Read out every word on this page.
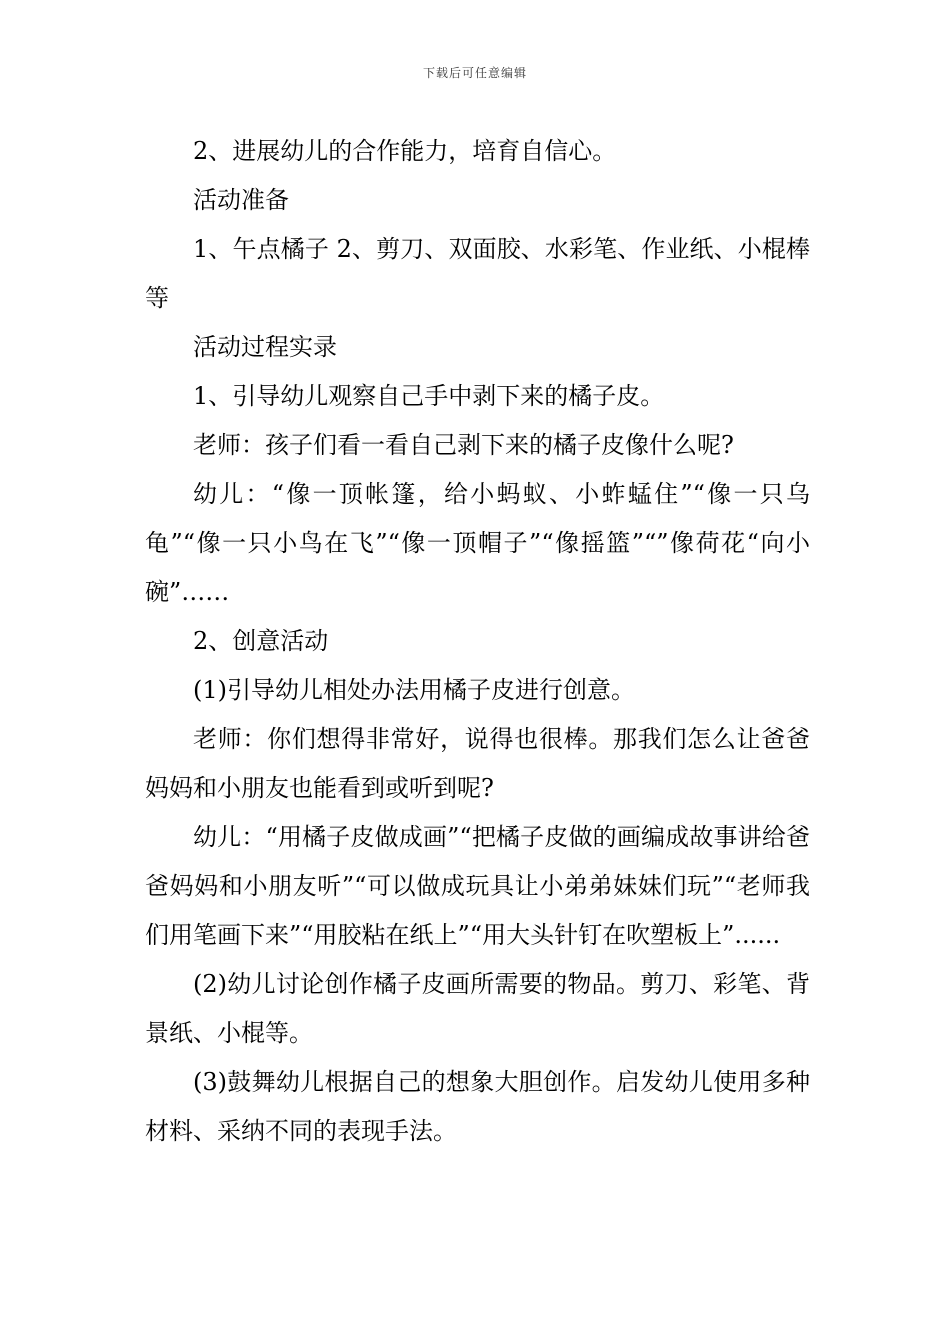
下载后可任意编辑

2、进展幼儿的合作能力，培育自信心。

活动准备

1、午点橘子 2、剪刀、双面胶、水彩笔、作业纸、小棍棒等

活动过程实录

1、引导幼儿观察自己手中剥下来的橘子皮。

老师：孩子们看一看自己剥下来的橘子皮像什么呢?

幼儿：“像一顶帐篷，给小蚂蚁、小蚱蜢住”“像一只乌龟”“像一只小鸟在飞”“像一顶帽子”“像摇篮”“”像荷花“向小碗”……

2、创意活动

(1)引导幼儿相处办法用橘子皮进行创意。

老师：你们想得非常好，说得也很棒。那我们怎么让爸爸妈妈和小朋友也能看到或听到呢?

幼儿：“用橘子皮做成画”“把橘子皮做的画编成故事讲给爸爸妈妈和小朋友听”“可以做成玩具让小弟弟妹妹们玩”“老师我们用笔画下来”“用胶粘在纸上”“用大头针钉在吹塑板上”......

(2)幼儿讨论创作橘子皮画所需要的物品。剪刀、彩笔、背景纸、小棍等。

(3)鼓舞幼儿根据自己的想象大胆创作。启发幼儿使用多种材料、采纳不同的表现手法。
